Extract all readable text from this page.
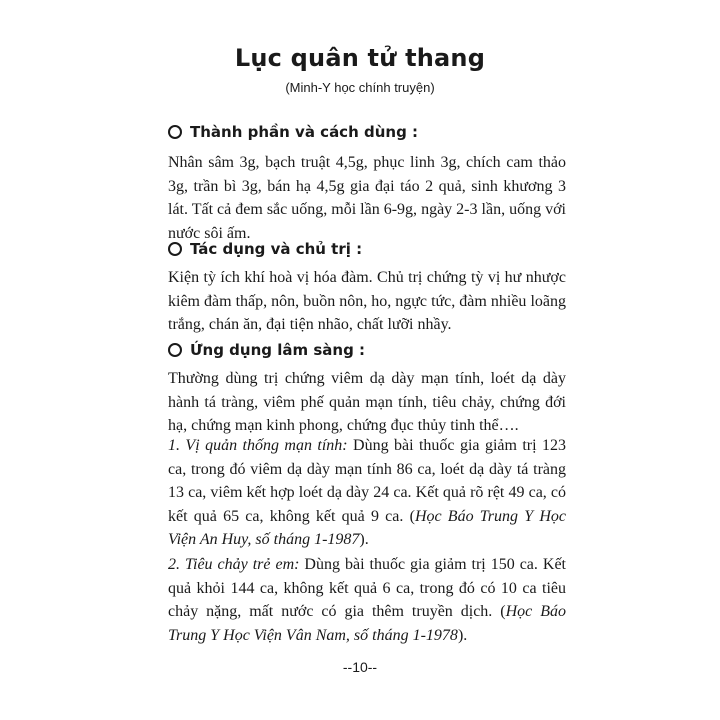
Lục quân tử thang
(Minh-Y học chính truyện)
Thành phần và cách dùng :

Nhân sâm 3g, bạch truật 4,5g, phục linh 3g, chích cam thảo 3g, trần bì 3g, bán hạ 4,5g gia đại táo 2 quả, sinh khương 3 lát. Tất cả đem sắc uống, mỗi lần 6-9g, ngày 2-3 lần, uống với nước sôi ấm.

Tác dụng và chủ trị :

Kiện tỳ ích khí hoà vị hóa đàm. Chủ trị chứng tỳ vị hư nhược kiêm đàm thấp, nôn, buồn nôn, ho, ngực tức, đàm nhiều loãng trắng, chán ăn, đại tiện nhão, chất lưỡi nhầy.

Ứng dụng lâm sàng :

Thường dùng trị chứng viêm dạ dày mạn tính, loét dạ dày hành tá tràng, viêm phế quản mạn tính, tiêu chảy, chứng đới hạ, chứng mạn kinh phong, chứng đục thủy tinh thể….

1. Vị quản thống mạn tính: Dùng bài thuốc gia giảm trị 123 ca, trong đó viêm dạ dày mạn tính 86 ca, loét dạ dày tá tràng 13 ca, viêm kết hợp loét dạ dày 24 ca. Kết quả rõ rệt 49 ca, có kết quả 65 ca, không kết quả 9 ca. (Học Báo Trung Y Học Viện An Huy, số tháng 1-1987).

2. Tiêu chảy trẻ em: Dùng bài thuốc gia giảm trị 150 ca. Kết quả khỏi 144 ca, không kết quả 6 ca, trong đó có 10 ca tiêu chảy nặng, mất nước có gia thêm truyền dịch. (Học Báo Trung Y Học Viện Vân Nam, số tháng 1-1978).

--10--
